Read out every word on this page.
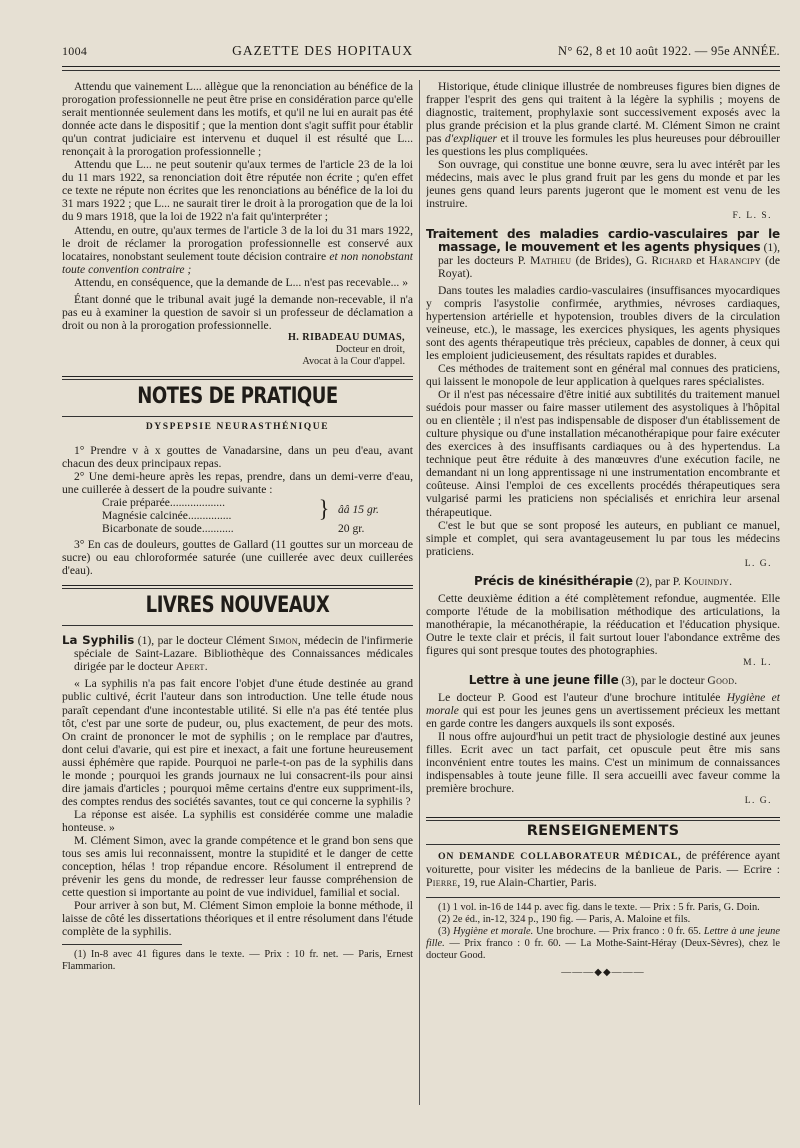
1004	GAZETTE DES HOPITAUX	N° 62, 8 et 10 août 1922. — 95e ANNÉE.

Attendu que vainement L... allègue que la renonciation au bénéfice de la prorogation professionnelle ne peut être prise en considération parce qu'elle serait mentionnée seulement dans les motifs, et qu'il ne lui en aurait pas été donnée acte dans le dispositif ; que la mention dont s'agit suffit pour établir qu'un contrat judiciaire est intervenu et duquel il est résulté que L... renonçait à la prorogation professionnelle ;

Attendu que L... ne peut soutenir qu'aux termes de l'article 23 de la loi du 11 mars 1922, sa renonciation doit être réputée non écrite ; qu'en effet ce texte ne répute non écrites que les renonciations au bénéfice de la loi du 31 mars 1922 ; que L... ne saurait tirer le droit à la prorogation que de la loi du 9 mars 1918, que la loi de 1922 n'a fait qu'interpréter ;

Attendu, en outre, qu'aux termes de l'article 3 de la loi du 31 mars 1922, le droit de réclamer la prorogation professionnelle est conservé aux locataires, nonobstant seulement toute décision contraire et non nonobstant toute convention contraire ;

Attendu, en conséquence, que la demande de L... n'est pas recevable... »

Étant donné que le tribunal avait jugé la demande non-recevable, il n'a pas eu à examiner la question de savoir si un professeur de déclamation a droit ou non à la prorogation professionnelle.

H. RIBADEAU DUMAS,
Docteur en droit,
Avocat à la Cour d'appel.
NOTES DE PRATIQUE
DYSPEPSIE NEURASTHÉNIQUE

1° Prendre v à x gouttes de Vanadarsine, dans un peu d'eau, avant chacun des deux principaux repas.

2° Une demi-heure après les repas, prendre, dans un demi-verre d'eau, une cuillerée à dessert de la poudre suivante :

Craie préparée...................	} ââ 15 gr.
Magnésie calcinée...............
Bicarbonate de soude...........	20 gr.

3° En cas de douleurs, gouttes de Gallard (11 gouttes sur un morceau de sucre) ou eau chloroformée saturée (une cuillerée avec deux cuillerées d'eau).

LIVRES NOUVEAUX

La Syphilis (1), par le docteur Clément Simon, médecin de l'infirmerie spéciale de Saint-Lazare. Bibliothèque des Connaissances médicales dirigée par le docteur Apert.

« La syphilis n'a pas fait encore l'objet d'une étude destinée au grand public cultivé, écrit l'auteur dans son introduction. Une telle étude nous paraît cependant d'une incontestable utilité. Si elle n'a pas été tentée plus tôt, c'est par une sorte de pudeur, ou, plus exactement, de peur des mots. On craint de prononcer le mot de syphilis ; on le remplace par d'autres, dont celui d'avarie, qui est pire et inexact, a fait une fortune heureusement aussi éphémère que rapide. Pourquoi ne parle-t-on pas de la syphilis dans le monde ; pourquoi les grands journaux ne lui consacrent-ils pour ainsi dire jamais d'articles ; pourquoi même certains d'entre eux suppriment-ils, des comptes rendus des sociétés savantes, tout ce qui concerne la syphilis ?

La réponse est aisée. La syphilis est considérée comme une maladie honteuse. »

M. Clément Simon, avec la grande compétence et le grand bon sens que tous ses amis lui reconnaissent, montre la stupidité et le danger de cette conception, hélas ! trop répandue encore. Résolument il entreprend de prévenir les gens du monde, de redresser leur fausse compréhension de cette question si importante au point de vue individuel, familial et social.

Pour arriver à son but, M. Clément Simon emploie la bonne méthode, il laisse de côté les dissertations théoriques et il entre résolument dans l'étude complète de la syphilis.

(1) In-8 avec 41 figures dans le texte. — Prix : 10 fr. net. — Paris, Ernest Flammarion.

Historique, étude clinique illustrée de nombreuses figures bien dignes de frapper l'esprit des gens qui traitent à la légère la syphilis ; moyens de diagnostic, traitement, prophylaxie sont successivement exposés avec la plus grande précision et la plus grande clarté. M. Clément Simon ne craint pas d'expliquer et il trouve les formules les plus heureuses pour débrouiller les questions les plus compliquées.

Son ouvrage, qui constitue une bonne œuvre, sera lu avec intérêt par les médecins, mais avec le plus grand fruit par les gens du monde et par les jeunes gens quand leurs parents jugeront que le moment est venu de les instruire.

F. L. S.

Traitement des maladies cardio-vasculaires par le massage, le mouvement et les agents physiques (1), par les docteurs P. Mathieu (de Brides), G. Richard et Harancipy (de Royat).

Dans toutes les maladies cardio-vasculaires (insuffisances myocardiques y compris l'asystolie confirmée, arythmies, névroses cardiaques, hypertension artérielle et hypotension, troubles divers de la circulation veineuse, etc.), le massage, les exercices physiques, les agents physiques sont des agents thérapeutique très précieux, capables de donner, à ceux qui les emploient judicieusement, des résultats rapides et durables.

Ces méthodes de traitement sont en général mal connues des praticiens, qui laissent le monopole de leur application à quelques rares spécialistes.

Or il n'est pas nécessaire d'être initié aux subtilités du traitement manuel suédois pour masser ou faire masser utilement des asystoliques à l'hôpital ou en clientèle ; il n'est pas indispensable de disposer d'un établissement de culture physique ou d'une installation mécanothérapique pour faire exécuter des exercices à des insuffisants cardiaques ou à des hypertendus. La technique peut être réduite à des manœuvres d'une exécution facile, ne demandant ni un long apprentissage ni une instrumentation encombrante et coûteuse. Ainsi l'emploi de ces excellents procédés thérapeutiques sera vulgarisé parmi les praticiens non spécialisés et enrichira leur arsenal thérapeutique.

C'est le but que se sont proposé les auteurs, en publiant ce manuel, simple et complet, qui sera avantageusement lu par tous les médecins praticiens.

L. G.

Précis de kinésithérapie (2), par P. Kouindjy.

Cette deuxième édition a été complètement refondue, augmentée. Elle comporte l'étude de la mobilisation méthodique des articulations, la manothérapie, la mécanothérapie, la rééducation et l'éducation physique. Outre le texte clair et précis, il fait surtout louer l'abondance extrême des figures qui sont presque toutes des photographies.

M. L.

Lettre à une jeune fille (3), par le docteur Good.

Le docteur P. Good est l'auteur d'une brochure intitulée Hygiène et morale qui est pour les jeunes gens un avertissement précieux les mettant en garde contre les dangers auxquels ils sont exposés.

Il nous offre aujourd'hui un petit tract de physiologie destiné aux jeunes filles. Ecrit avec un tact parfait, cet opuscule peut être mis sans inconvénient entre toutes les mains. C'est un minimum de connaissances indispensables à toute jeune fille. Il sera accueilli avec faveur comme la première brochure.

L. G.
RENSEIGNEMENTS

ON DEMANDE COLLABORATEUR MÉDICAL, de préférence ayant voiturette, pour visiter les médecins de la banlieue de Paris. — Ecrire : Pierre, 19, rue Alain-Chartier, Paris.

(1) 1 vol. in-16 de 144 p. avec fig. dans le texte. — Prix : 5 fr. Paris, G. Doin.

(2) 2e éd., in-12, 324 p., 190 fig. — Paris, A. Maloine et fils.

(3) Hygiène et morale. Une brochure. — Prix franco : 0 fr. 65. Lettre à une jeune fille. — Prix franco : 0 fr. 60. — La Mothe-Saint-Héray (Deux-Sèvres), chez le docteur Good.

———◆◆———
